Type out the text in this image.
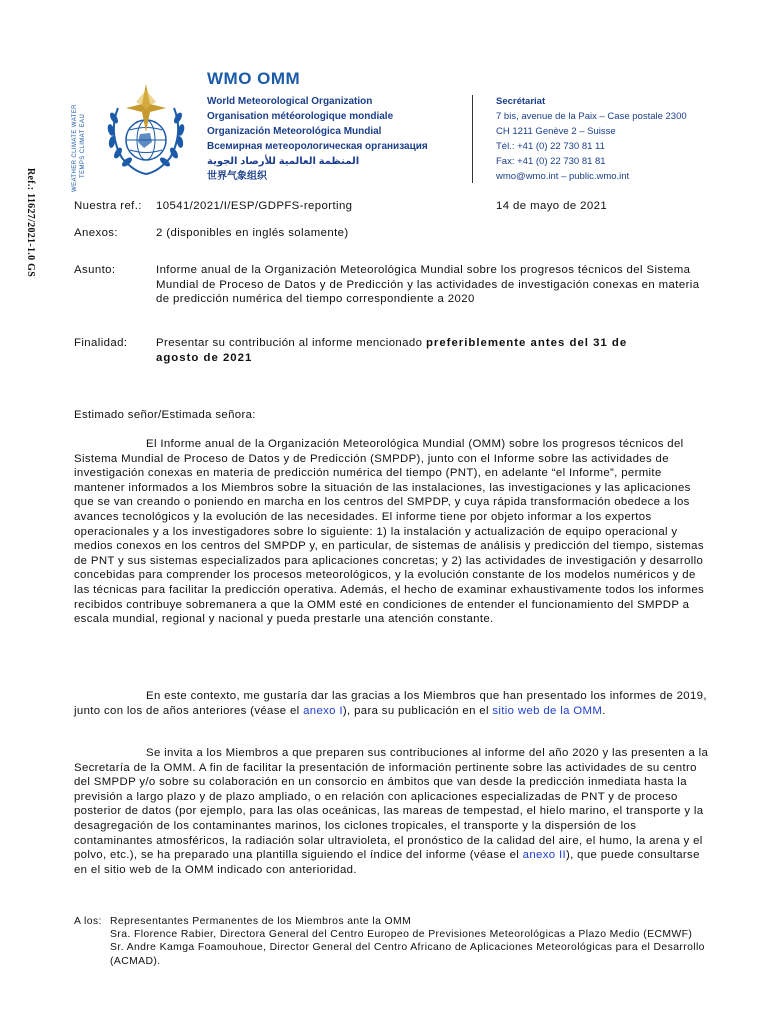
Ref.: 11627/2021-1.0 GS
WEATHER CLIMATE WATER TEMPS CLIMAT EAU
WMO OMM
World Meteorological Organization
Organisation météorologique mondiale
Organización Meteorológica Mundial
Всемирная метеорологическая организация
المنظمة العالمية للأرصاد الجوية
世界气象组织
Secrétariat
7 bis, avenue de la Paix – Case postale 2300
CH 1211 Genève 2 – Suisse
Tél.: +41 (0) 22 730 81 11
Fax: +41 (0) 22 730 81 81
wmo@wmo.int – public.wmo.int
Nuestra ref.: 10541/2021/I/ESP/GDPFS-reporting	14 de mayo de 2021
Anexos:	2 (disponibles en inglés solamente)
Asunto:	Informe anual de la Organización Meteorológica Mundial sobre los progresos técnicos del Sistema Mundial de Proceso de Datos y de Predicción y las actividades de investigación conexas en materia de predicción numérica del tiempo correspondiente a 2020
Finalidad:	Presentar su contribución al informe mencionado preferiblemente antes del 31 de agosto de 2021
Estimado señor/Estimada señora:

El Informe anual de la Organización Meteorológica Mundial (OMM) sobre los progresos técnicos del Sistema Mundial de Proceso de Datos y de Predicción (SMPDP), junto con el Informe sobre las actividades de investigación conexas en materia de predicción numérica del tiempo (PNT), en adelante “el Informe”, permite mantener informados a los Miembros sobre la situación de las instalaciones, las investigaciones y las aplicaciones que se van creando o poniendo en marcha en los centros del SMPDP, y cuya rápida transformación obedece a los avances tecnológicos y la evolución de las necesidades. El informe tiene por objeto informar a los expertos operacionales y a los investigadores sobre lo siguiente: 1) la instalación y actualización de equipo operacional y medios conexos en los centros del SMPDP y, en particular, de sistemas de análisis y predicción del tiempo, sistemas de PNT y sus sistemas especializados para aplicaciones concretas; y 2) las actividades de investigación y desarrollo concebidas para comprender los procesos meteorológicos, y la evolución constante de los modelos numéricos y de las técnicas para facilitar la predicción operativa. Además, el hecho de examinar exhaustivamente todos los informes recibidos contribuye sobremanera a que la OMM esté en condiciones de entender el funcionamiento del SMPDP a escala mundial, regional y nacional y pueda prestarle una atención constante.

En este contexto, me gustaría dar las gracias a los Miembros que han presentado los informes de 2019, junto con los de años anteriores (véase el anexo I), para su publicación en el sitio web de la OMM.

Se invita a los Miembros a que preparen sus contribuciones al informe del año 2020 y las presenten a la Secretaría de la OMM. A fin de facilitar la presentación de información pertinente sobre las actividades de su centro del SMPDP y/o sobre su colaboración en un consorcio en ámbitos que van desde la predicción inmediata hasta la previsión a largo plazo y de plazo ampliado, o en relación con aplicaciones especializadas de PNT y de proceso posterior de datos (por ejemplo, para las olas oceánicas, las mareas de tempestad, el hielo marino, el transporte y la desagregación de los contaminantes marinos, los ciclones tropicales, el transporte y la dispersión de los contaminantes atmosféricos, la radiación solar ultravioleta, el pronóstico de la calidad del aire, el humo, la arena y el polvo, etc.), se ha preparado una plantilla siguiendo el índice del informe (véase el anexo II), que puede consultarse en el sitio web de la OMM indicado con anterioridad.

A los: Representantes Permanentes de los Miembros ante la OMM
Sra. Florence Rabier, Directora General del Centro Europeo de Previsiones Meteorológicas a Plazo Medio (ECMWF)
Sr. Andre Kamga Foamouhoue, Director General del Centro Africano de Aplicaciones Meteorológicas para el Desarrollo (ACMAD).
